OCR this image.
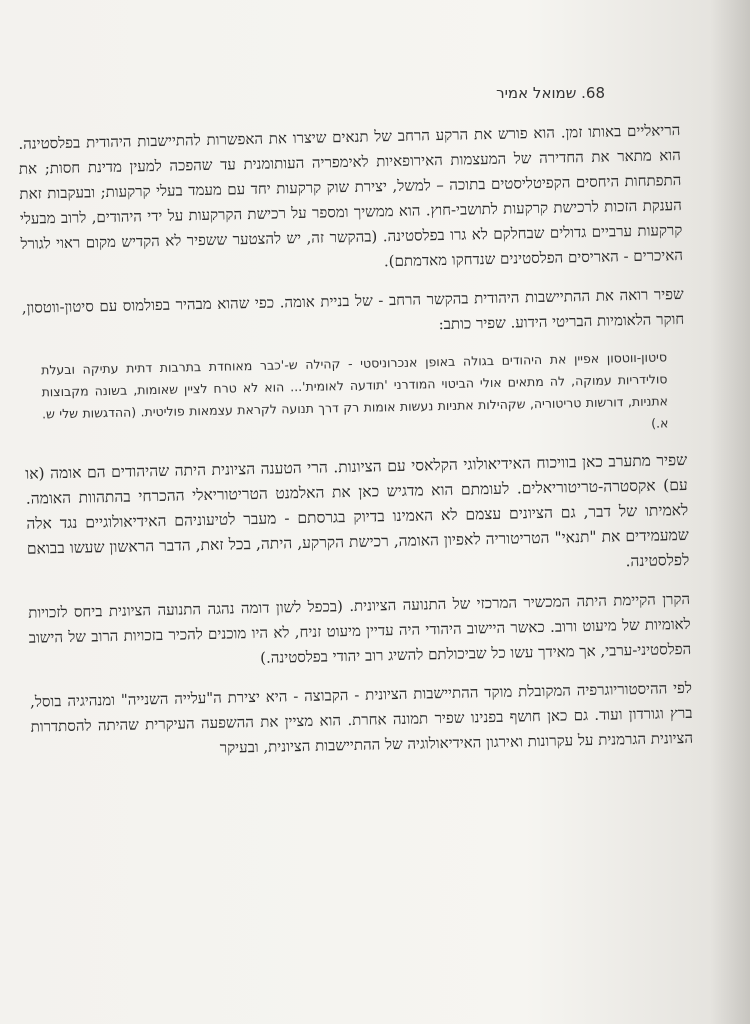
68. שמואל אמיר

הריאליים באותו זמן. הוא פורש את הרקע הרחב של תנאים שיצרו את האפשרות להתיישבות היהודית בפלסטינה. הוא מתאר את החדירה של המעצמות האירופאיות לאימפריה העותומנית עד שהפכה למעין מדינת חסות; את התפתחות היחסים הקפיטליסטים בתוכה – למשל, יצירת שוק קרקעות יחד עם מעמד בעלי קרקעות; ובעקבות זאת הענקת הזכות לרכישת קרקעות לתושבי-חוץ. הוא ממשיך ומספר על רכישת הקרקעות על ידי היהודים, לרוב מבעלי קרקעות ערביים גדולים שבחלקם לא גרו בפלסטינה. (בהקשר זה, יש להצטער ששפיר לא הקדיש מקום ראוי לגורל האיכרים - האריסים הפלסטינים שנדחקו מאדמתם).

שפיר רואה את ההתיישבות היהודית בהקשר הרחב - של בניית אומה. כפי שהוא מבהיר בפולמוס עם סיטון-ווטסון, חוקר הלאומיות הבריטי הידוע. שפיר כותב:

סיטון-ווטסון אפיין את היהודים בגולה באופן אנכרוניסטי - קהילה ש-'כבר מאוחדת בתרבות דתית עתיקה ובעלת סולידריות עמוקה, לה מתאים אולי הביטוי המודרני 'תודעה לאומית'... הוא לא טרח לציין שאומות, בשונה מקבוצות אתניות, דורשות טריטוריה, שקהילות אתניות נעשות אומות רק דרך תנועה לקראת עצמאות פוליטית. (ההדגשות שלי ש. א.)

שפיר מתערב כאן בוויכוח האידיאולוגי הקלאסי עם הציונות. הרי הטענה הציונית היתה שהיהודים הם אומה (או עם) אקסטרה-טריטוריאלים. לעומתם הוא מדגיש כאן את האלמנט הטריטוריאלי ההכרחי בהתהוות האומה. לאמיתו של דבר, גם הציונים עצמם לא האמינו בדיוק בגרסתם - מעבר לטיעוניהם האידיאולוגיים נגד אלה שמעמידים את "תנאי" הטריטוריה לאפיון האומה, רכישת הקרקע, היתה, בכל זאת, הדבר הראשון שעשו בבואם לפלסטינה.

הקרן הקיימת היתה המכשיר המרכזי של התנועה הציונית. (בכפל לשון דומה נהגה התנועה הציונית ביחס לזכויות לאומיות של מיעוט ורוב. כאשר היישוב היהודי היה עדיין מיעוט זניח, לא היו מוכנים להכיר בזכויות הרוב של הישוב הפלסטיני-ערבי, אך מאידך עשו כל שביכולתם להשיג רוב יהודי בפלסטינה.)

לפי ההיסטוריוגרפיה המקובלת מוקד ההתיישבות הציונית - הקבוצה - היא יצירת ה"עלייה השנייה" ומנהיגיה בוסל, ברץ וגורדון ועוד. גם כאן חושף בפנינו שפיר תמונה אחרת. הוא מציין את ההשפעה העיקרית שהיתה להסתדרות הציונית הגרמנית על עקרונות ואירגון האידיאולוגיה של ההתיישבות הציונית, ובעיקר
